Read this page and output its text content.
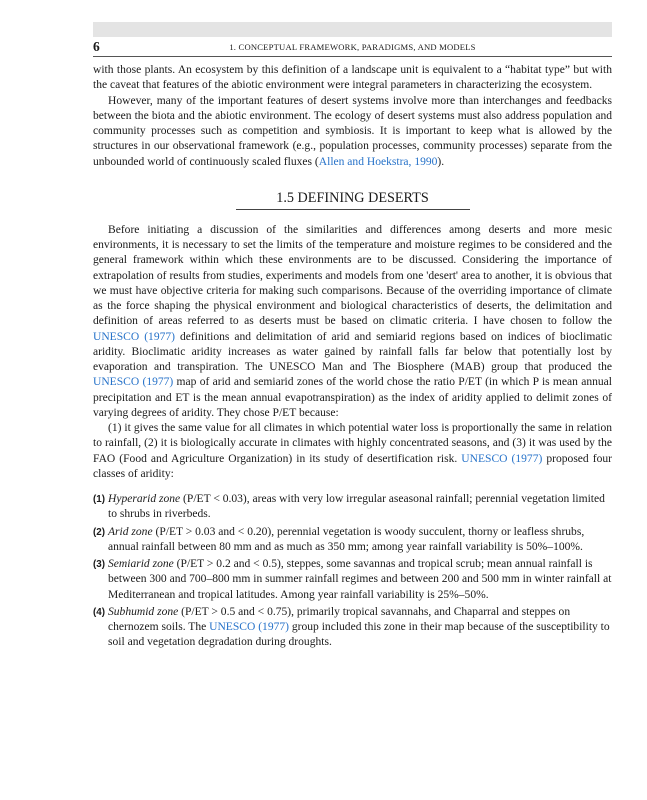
6	1. CONCEPTUAL FRAMEWORK, PARADIGMS, AND MODELS

with those plants. An ecosystem by this definition of a landscape unit is equivalent to a “habitat type” but with the caveat that features of the abiotic environment were integral parameters in characterizing the ecosystem.

However, many of the important features of desert systems involve more than interchanges and feedbacks between the biota and the abiotic environment. The ecology of desert systems must also address population and community processes such as competition and symbiosis. It is important to keep what is allowed by the structures in our observational framework (e.g., population processes, community processes) separate from the unbounded world of continuously scaled fluxes (Allen and Hoekstra, 1990).

1.5 DEFINING DESERTS

Before initiating a discussion of the similarities and differences among deserts and more mesic environments, it is necessary to set the limits of the temperature and moisture regimes to be considered and the general framework within which these environments are to be discussed. Considering the importance of extrapolation of results from studies, experiments and models from one 'desert' area to another, it is obvious that we must have objective criteria for making such comparisons. Because of the overriding importance of climate as the force shaping the physical environment and biological characteristics of deserts, the delimitation and definition of areas referred to as deserts must be based on climatic criteria. I have chosen to follow the UNESCO (1977) definitions and delimitation of arid and semiarid regions based on indices of bioclimatic aridity. Bioclimatic aridity increases as water gained by rainfall falls far below that potentially lost by evaporation and transpiration. The UNESCO Man and The Biosphere (MAB) group that produced the UNESCO (1977) map of arid and semiarid zones of the world chose the ratio P/ET (in which P is mean annual precipitation and ET is the mean annual evapotranspiration) as the index of aridity applied to delimit zones of varying degrees of aridity. They chose P/ET because:

(1) it gives the same value for all climates in which potential water loss is proportionally the same in relation to rainfall, (2) it is biologically accurate in climates with highly concentrated seasons, and (3) it was used by the FAO (Food and Agriculture Organization) in its study of desertification risk. UNESCO (1977) proposed four classes of aridity:

(1) Hyperarid zone (P/ET < 0.03), areas with very low irregular aseasonal rainfall; perennial vegetation limited to shrubs in riverbeds.
(2) Arid zone (P/ET > 0.03 and < 0.20), perennial vegetation is woody succulent, thorny or leafless shrubs, annual rainfall between 80 mm and as much as 350 mm; among year rainfall variability is 50%–100%.
(3) Semiarid zone (P/ET > 0.2 and < 0.5), steppes, some savannas and tropical scrub; mean annual rainfall is between 300 and 700–800 mm in summer rainfall regimes and between 200 and 500 mm in winter rainfall at Mediterranean and tropical latitudes. Among year rainfall variability is 25%–50%.
(4) Subhumid zone (P/ET > 0.5 and < 0.75), primarily tropical savannahs, and Chaparral and steppes on chernozem soils. The UNESCO (1977) group included this zone in their map because of the susceptibility to soil and vegetation degradation during droughts.
